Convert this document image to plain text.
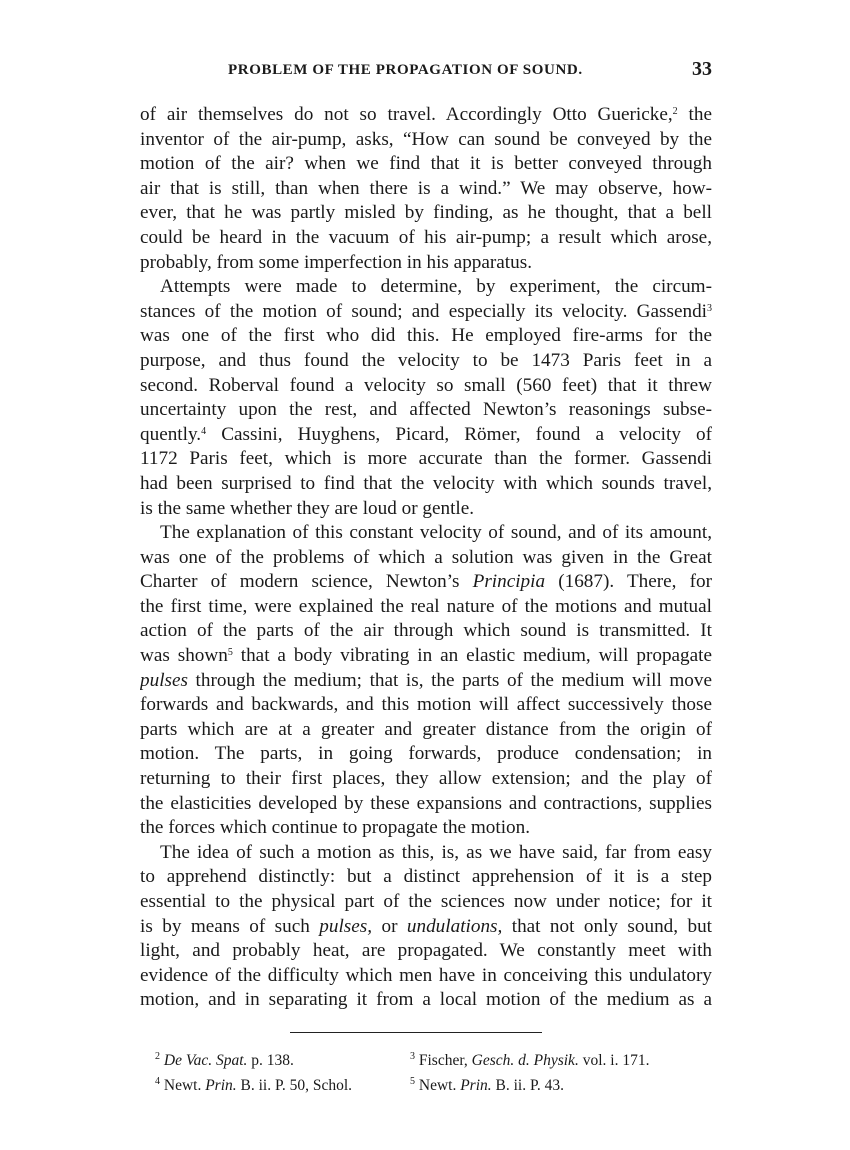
PROBLEM OF THE PROPAGATION OF SOUND.	33
of air themselves do not so travel. Accordingly Otto Guericke,$^2$ the
inventor of the air-pump, asks, “How can sound be conveyed by the
motion of the air? when we find that it is better conveyed through
air that is still, than when there is a wind.” We may observe, how-
ever, that he was partly misled by finding, as he thought, that a bell
could be heard in the vacuum of his air-pump; a result which arose,
probably, from some imperfection in his apparatus.
Attempts were made to determine, by experiment, the circum-
stances of the motion of sound; and especially its velocity. Gassendi$^3$
was one of the first who did this. He employed fire-arms for the
purpose, and thus found the velocity to be 1473 Paris feet in a
second. Roberval found a velocity so small (560 feet) that it threw
uncertainty upon the rest, and affected Newton’s reasonings subse-
quently.$^4$ Cassini, Huyghens, Picard, Römer, found a velocity of
1172 Paris feet, which is more accurate than the former. Gassendi
had been surprised to find that the velocity with which sounds travel,
is the same whether they are loud or gentle.
The explanation of this constant velocity of sound, and of its amount,
was one of the problems of which a solution was given in the Great
Charter of modern science, Newton’s Principia (1687). There, for
the first time, were explained the real nature of the motions and mutual
action of the parts of the air through which sound is transmitted. It
was shown$^5$ that a body vibrating in an elastic medium, will propagate
pulses through the medium; that is, the parts of the medium will move
forwards and backwards, and this motion will affect successively those
parts which are at a greater and greater distance from the origin of
motion. The parts, in going forwards, produce condensation; in
returning to their first places, they allow extension; and the play of
the elasticities developed by these expansions and contractions, supplies
the forces which continue to propagate the motion.
The idea of such a motion as this, is, as we have said, far from easy
to apprehend distinctly: but a distinct apprehension of it is a step
essential to the physical part of the sciences now under notice; for it
is by means of such pulses, or undulations, that not only sound, but
light, and probably heat, are propagated. We constantly meet with
evidence of the difficulty which men have in conceiving this undulatory
motion, and in separating it from a local motion of the medium as a
$^2$ De Vac. Spat. p. 138.	$^3$ Fischer, Gesch. d. Physik. vol. i. 171.
$^4$ Newt. Prin. B. ii. P. 50, Schol.	$^5$ Newt. Prin. B. ii. P. 43.
